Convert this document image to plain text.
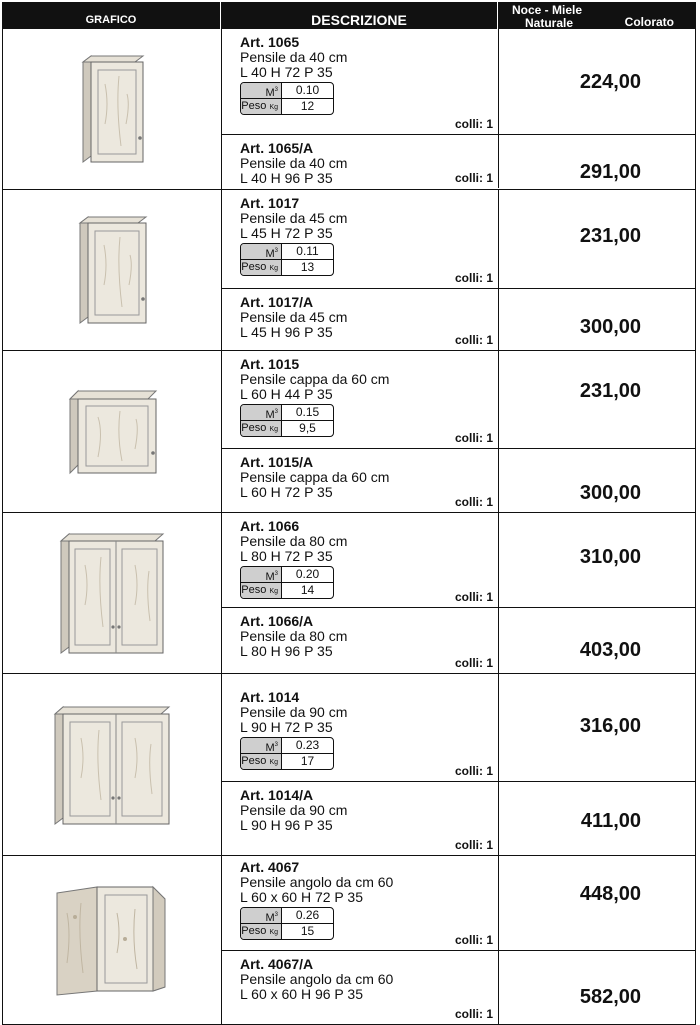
GRAFICO	DESCRIZIONE
Noce - Miele
Naturale	Colorato
Art. 1065
Pensile da 40 cm
L 40 H 72 P 35
$M^3$	0.10
Peso Kg	12
colli: 1
224,00
Art. 1065/A
Pensile da 40 cm
L 40 H 96 P 35	colli: 1	291,00
Art. 1017
Pensile da 45 cm
L 45 H 72 P 35
$M^3$	0.11
Peso Kg	13
colli: 1
231,00
Art. 1017/A
Pensile da 45 cm
L 45 H 96 P 35	colli: 1
300,00
Art. 1015
Pensile cappa da 60 cm
L 60 H 44 P 35
$M^3$	0.15
Peso Kg	9,5
colli: 1
231,00
Art. 1015/A
Pensile cappa da 60 cm
L 60 H 72 P 35
colli: 1	300,00
Art. 1066
Pensile da 80 cm
L 80 H 72 P 35
$M^3$	0.20
Peso Kg	14	colli: 1
310,00
Art. 1066/A
Pensile da 80 cm
L 80 H 96 P 35
colli: 1
403,00
Art. 1014
Pensile da 90 cm
L 90 H 72 P 35
$M^3$	0.23
Peso Kg	17
colli: 1
316,00
Art. 1014/A
Pensile da 90 cm
L 90 H 96 P 35
colli: 1
411,00
Art. 4067
Pensile angolo da cm 60
L 60 x 60 H 72 P 35
$M^3$	0.26
Peso Kg	15
colli: 1
448,00
Art. 4067/A
Pensile angolo da cm 60
L 60 x 60 H 96 P 35
colli: 1
582,00
